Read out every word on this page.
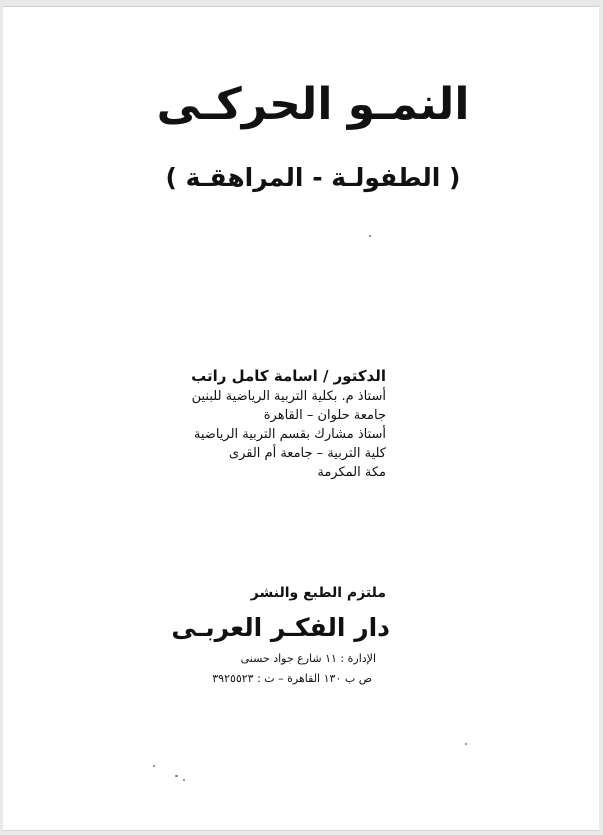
النمـو الحركـى
( الطفولـة - المراهقـة )
الدكتور / اسامة كامل راتب
أستاذ م. بكلية التربية الرياضية للبنين
جامعة حلوان – القاهرة
أستاذ مشارك بقسم التربية الرياضية
كلية التربية – جامعة أم القرى
مكة المكرمة
ملتزم الطبع والنشر
دار الفكـر العربـى
الإدارة : ١١ شارع جواد حسنى
ص ب ١٣٠ القاهرة – ت : ٣٩٢٥٥٢٣
